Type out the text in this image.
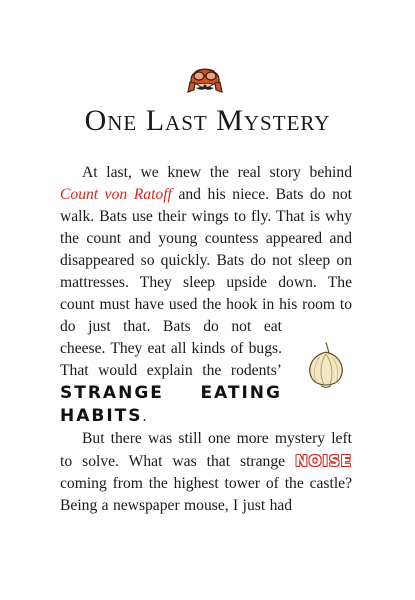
One Last Mystery

At last, we knew the real story behind Count von Ratoff and his niece. Bats do not walk. Bats use their wings to fly. That is why the count and young countess appeared and disappeared so quickly. Bats do not sleep on mattresses. They sleep upside down. The count must have used the hook in his room to do just that. Bats do not eat
cheese. They eat all kinds of bugs. That would explain the rodents’ STRANGE EATING HABITS.

But there was still one more mystery left to solve. What was that strange NOISE coming from the highest tower of the castle? Being a newspaper mouse, I just had
